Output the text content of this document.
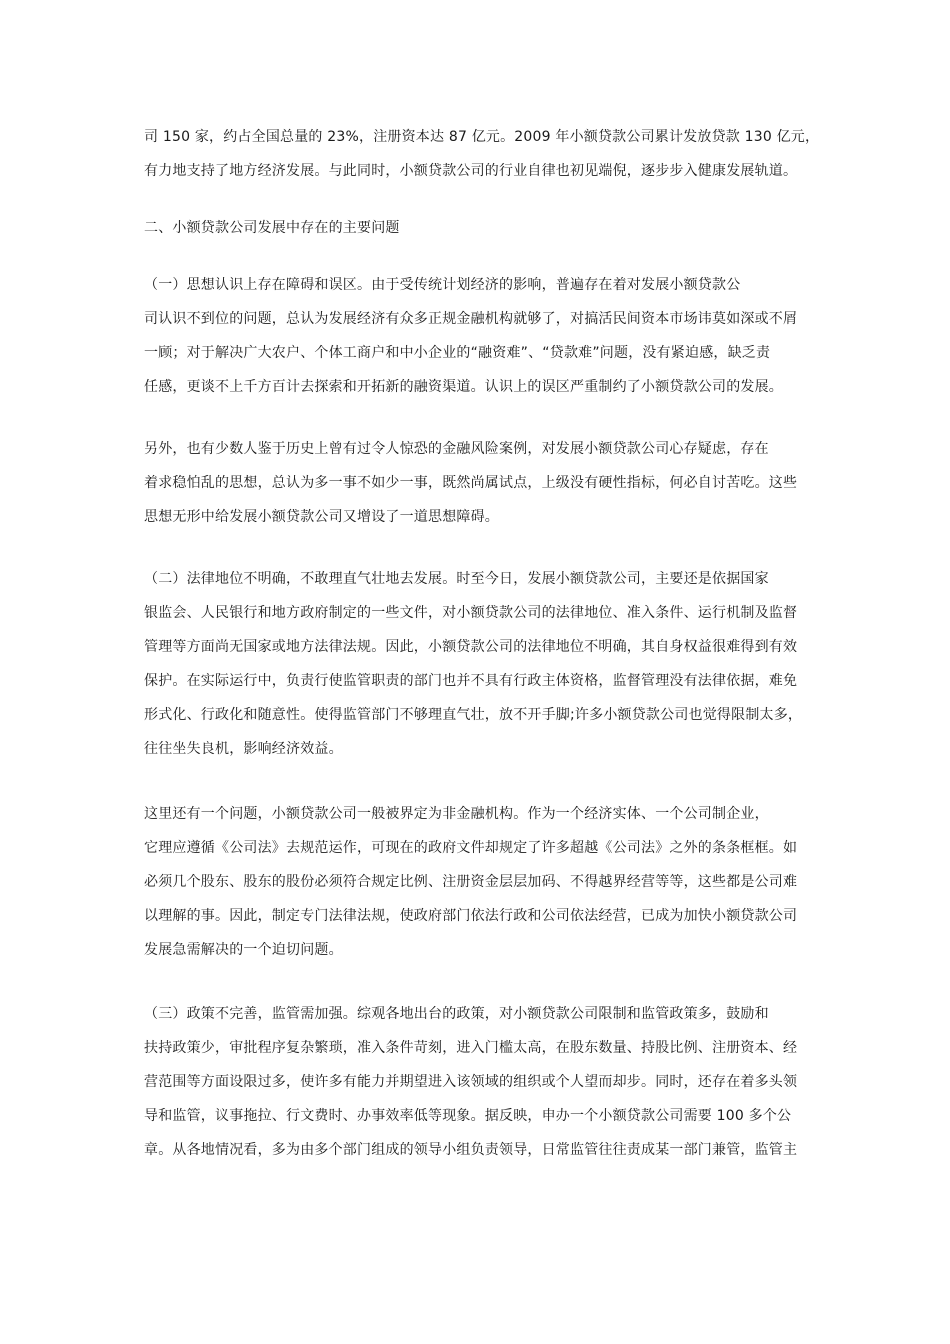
司 150 家，约占全国总量的 23%，注册资本达 87 亿元。2009 年小额贷款公司累计发放贷款 130 亿元，
有力地支持了地方经济发展。与此同时，小额贷款公司的行业自律也初见端倪，逐步步入健康发展轨道。
二、小额贷款公司发展中存在的主要问题
（一）思想认识上存在障碍和误区。由于受传统计划经济的影响，普遍存在着对发展小额贷款公
司认识不到位的问题，总认为发展经济有众多正规金融机构就够了，对搞活民间资本市场讳莫如深或不屑
一顾；对于解决广大农户、个体工商户和中小企业的“融资难”、“贷款难”问题，没有紧迫感，缺乏责
任感，更谈不上千方百计去探索和开拓新的融资渠道。认识上的误区严重制约了小额贷款公司的发展。
另外，也有少数人鉴于历史上曾有过令人惊恐的金融风险案例，对发展小额贷款公司心存疑虑，存在
着求稳怕乱的思想，总认为多一事不如少一事，既然尚属试点，上级没有硬性指标，何必自讨苦吃。这些
思想无形中给发展小额贷款公司又增设了一道思想障碍。
（二）法律地位不明确，不敢理直气壮地去发展。时至今日，发展小额贷款公司，主要还是依据国家
银监会、人民银行和地方政府制定的一些文件，对小额贷款公司的法律地位、准入条件、运行机制及监督
管理等方面尚无国家或地方法律法规。因此，小额贷款公司的法律地位不明确，其自身权益很难得到有效
保护。在实际运行中，负责行使监管职责的部门也并不具有行政主体资格，监督管理没有法律依据，难免
形式化、行政化和随意性。使得监管部门不够理直气壮，放不开手脚;许多小额贷款公司也觉得限制太多，
往往坐失良机，影响经济效益。
这里还有一个问题，小额贷款公司一般被界定为非金融机构。作为一个经济实体、一个公司制企业，
它理应遵循《公司法》去规范运作，可现在的政府文件却规定了许多超越《公司法》之外的条条框框。如
必须几个股东、股东的股份必须符合规定比例、注册资金层层加码、不得越界经营等等，这些都是公司难
以理解的事。因此，制定专门法律法规，使政府部门依法行政和公司依法经营，已成为加快小额贷款公司
发展急需解决的一个迫切问题。
（三）政策不完善，监管需加强。综观各地出台的政策，对小额贷款公司限制和监管政策多，鼓励和
扶持政策少，审批程序复杂繁琐，准入条件苛刻，进入门槛太高，在股东数量、持股比例、注册资本、经
营范围等方面设限过多，使许多有能力并期望进入该领域的组织或个人望而却步。同时，还存在着多头领
导和监管，议事拖拉、行文费时、办事效率低等现象。据反映，申办一个小额贷款公司需要 100 多个公
章。从各地情况看，多为由多个部门组成的领导小组负责领导，日常监管往往责成某一部门兼管，监管主
